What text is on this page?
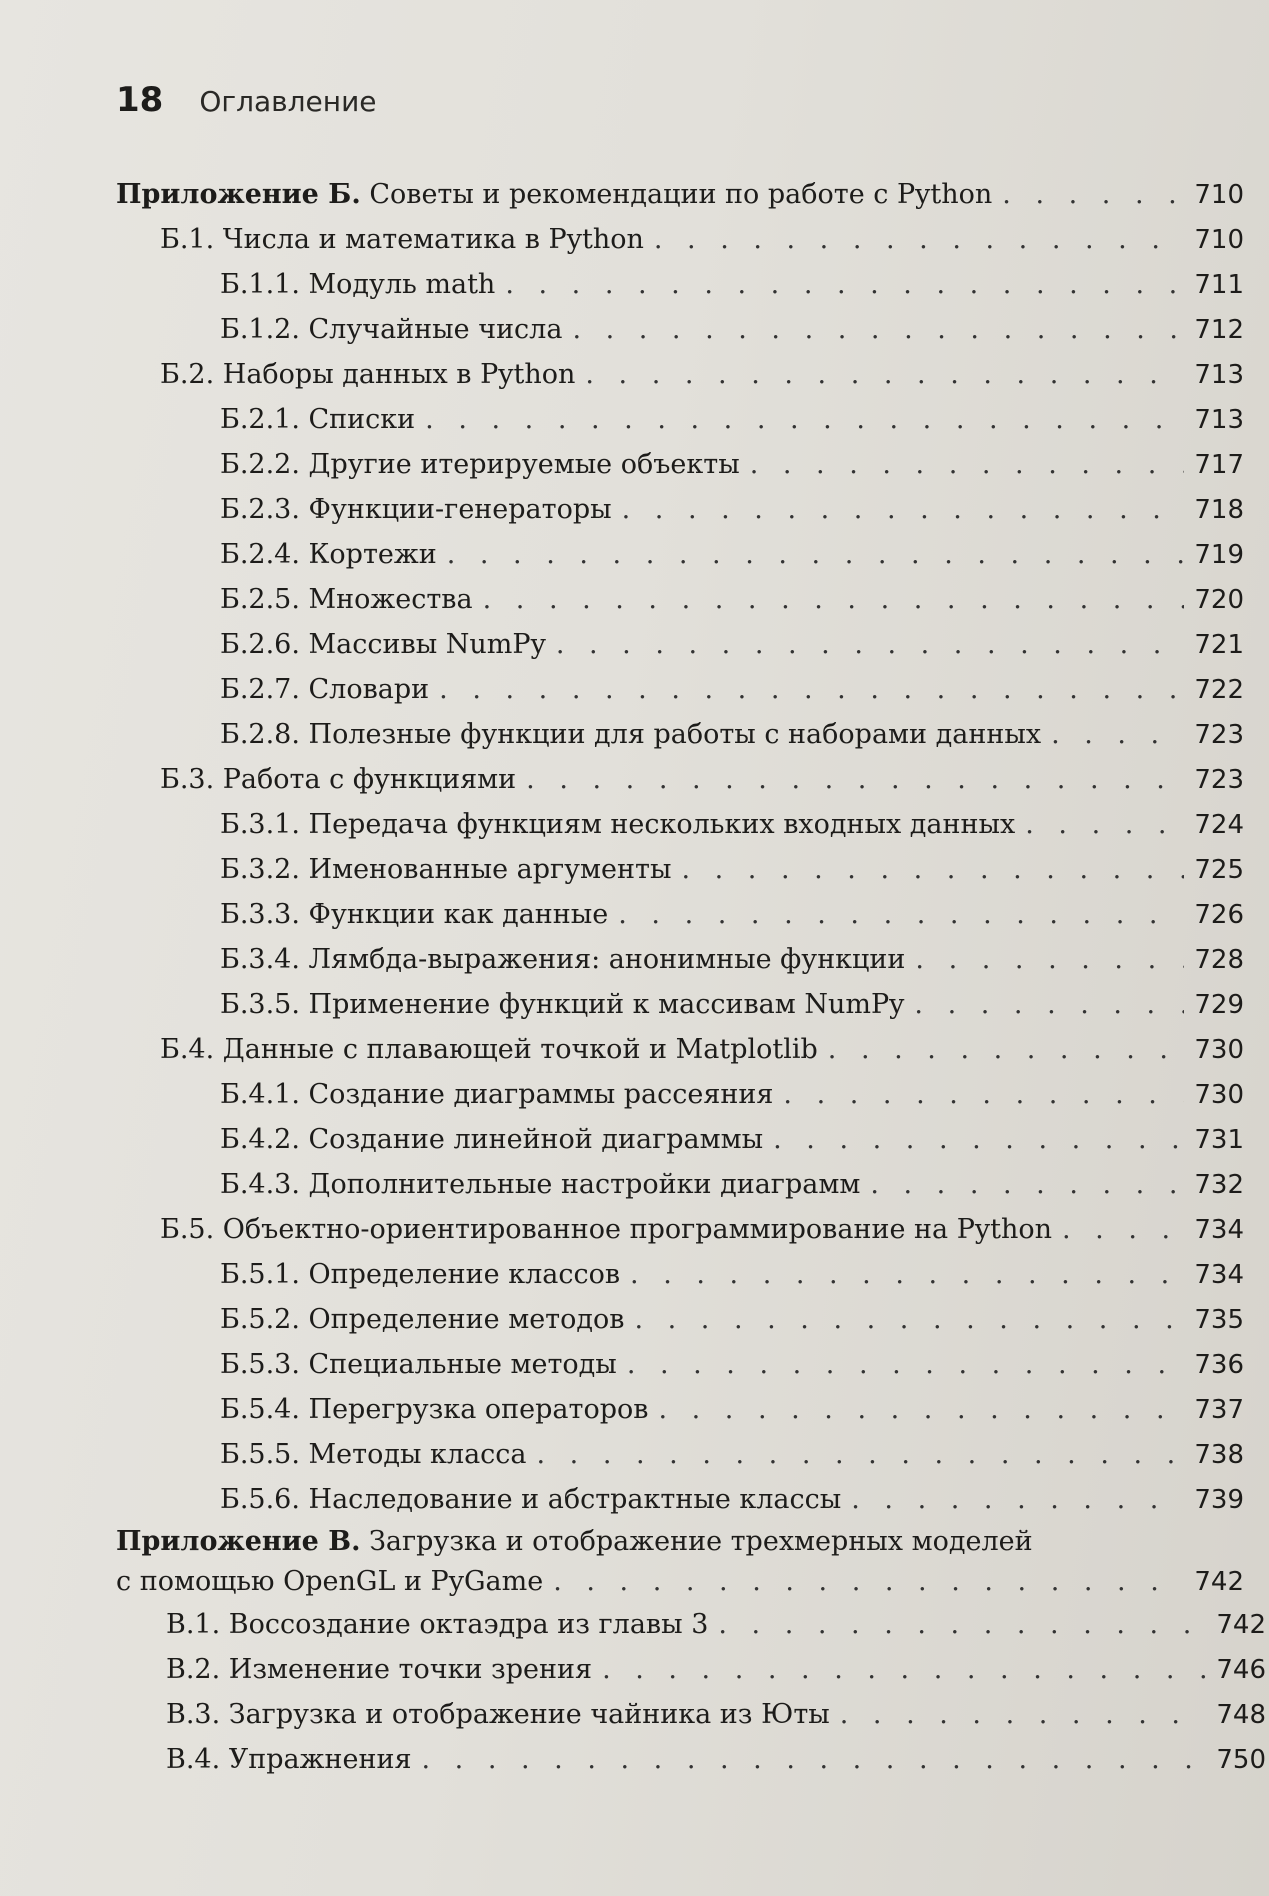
18 Оглавление
Приложение Б. Советы и рекомендации по работе с Python . . .	710
Б.1. Числа и математика в Python . . .	710
Б.1.1. Модуль math . . .	711
Б.1.2. Случайные числа . . .	712
Б.2. Наборы данных в Python . . .	713
Б.2.1. Списки . . .	713
Б.2.2. Другие итерируемые объекты . . .	717
Б.2.3. Функции-генераторы . . .	718
Б.2.4. Кортежи . . .	719
Б.2.5. Множества . . .	720
Б.2.6. Массивы NumPy . . .	721
Б.2.7. Словари . . .	722
Б.2.8. Полезные функции для работы с наборами данных . . .	723
Б.3. Работа с функциями . . .	723
Б.3.1. Передача функциям нескольких входных данных . . .	724
Б.3.2. Именованные аргументы . . .	725
Б.3.3. Функции как данные . . .	726
Б.3.4. Лямбда-выражения: анонимные функции . . .	728
Б.3.5. Применение функций к массивам NumPy . . .	729
Б.4. Данные с плавающей точкой и Matplotlib . . .	730
Б.4.1. Создание диаграммы рассеяния . . .	730
Б.4.2. Создание линейной диаграммы . . .	731
Б.4.3. Дополнительные настройки диаграмм . . .	732
Б.5. Объектно-ориентированное программирование на Python . . .	734
Б.5.1. Определение классов . . .	734
Б.5.2. Определение методов . . .	735
Б.5.3. Специальные методы . . .	736
Б.5.4. Перегрузка операторов . . .	737
Б.5.5. Методы класса . . .	738
Б.5.6. Наследование и абстрактные классы . . .	739
Приложение В. Загрузка и отображение трехмерных моделей
с помощью OpenGL и PyGame . . .	742
В.1. Воссоздание октаэдра из главы 3 . . .	742
В.2. Изменение точки зрения . . .	746
В.3. Загрузка и отображение чайника из Юты . . .	748
В.4. Упражнения . . .	750
